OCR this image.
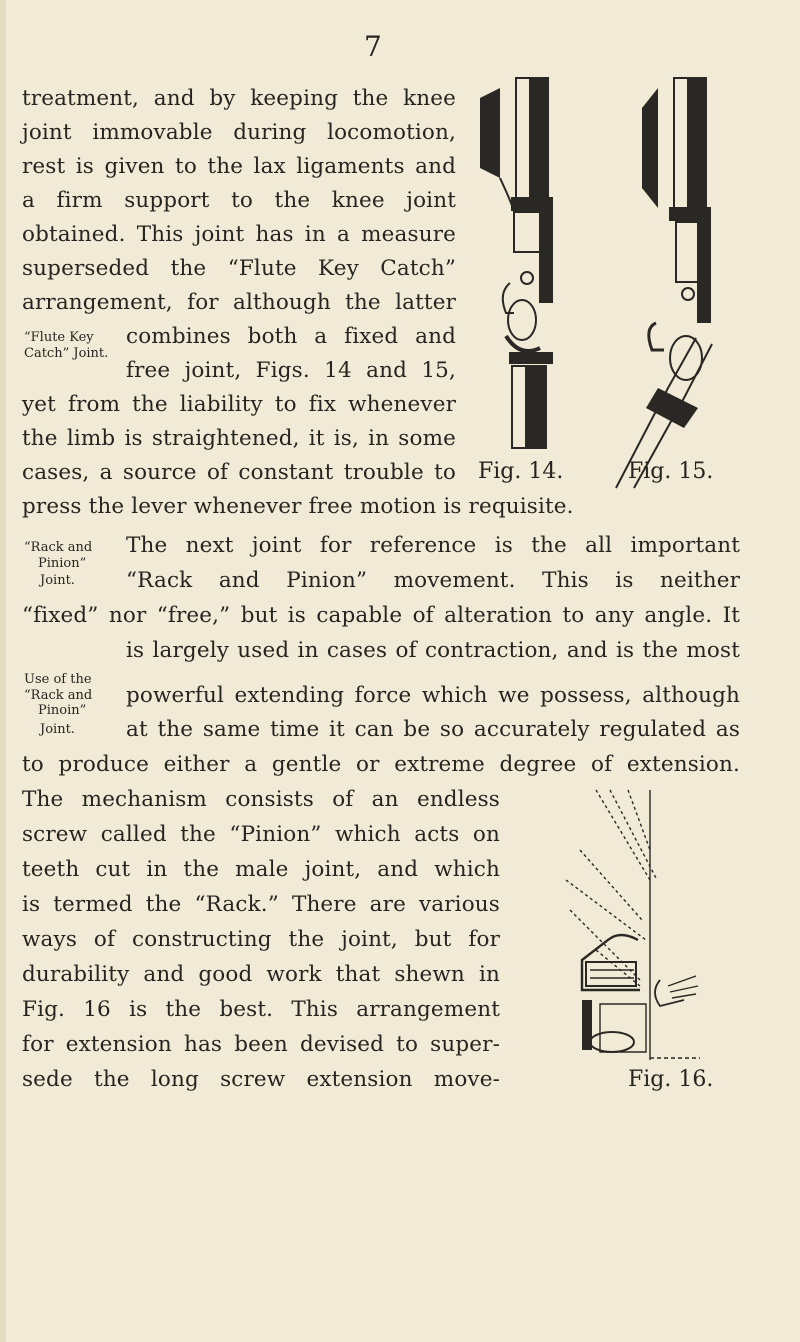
7
treatment, and by keeping the knee
joint immovable during locomotion,
rest is given to the lax ligaments and
a firm support to the knee joint
obtained. This joint has in a measure
superseded the “Flute Key Catch”
arrangement, for although the latter
“Flute Key
Catch” Joint.
combines both a fixed and
free joint, Figs. 14 and 15,
yet from the liability to fix whenever
the limb is straightened, it is, in some
cases, a source of constant trouble to Fig. 14.	Fig. 15.
press the lever whenever free motion is requisite.
“Rack and
Pinion”
Joint.
The next joint for reference is the all important
“Rack and Pinion” movement. This is neither
“fixed” nor “free,” but is capable of alteration to any angle. It
is largely used in cases of contraction, and is the most
Use of the
“Rack and
Pinoin”
Joint.
powerful extending force which we possess, although
at the same time it can be so accurately regulated as
to produce either a gentle or extreme degree of extension.
The mechanism consists of an endless
screw called the “Pinion” which acts on
teeth cut in the male joint, and which
is termed the “Rack.” There are various
ways of constructing the joint, but for
durability and good work that shewn in
Fig. 16 is the best. This arrangement
for extension has been devised to super-
sede the long screw extension move-	Fig. 16.
